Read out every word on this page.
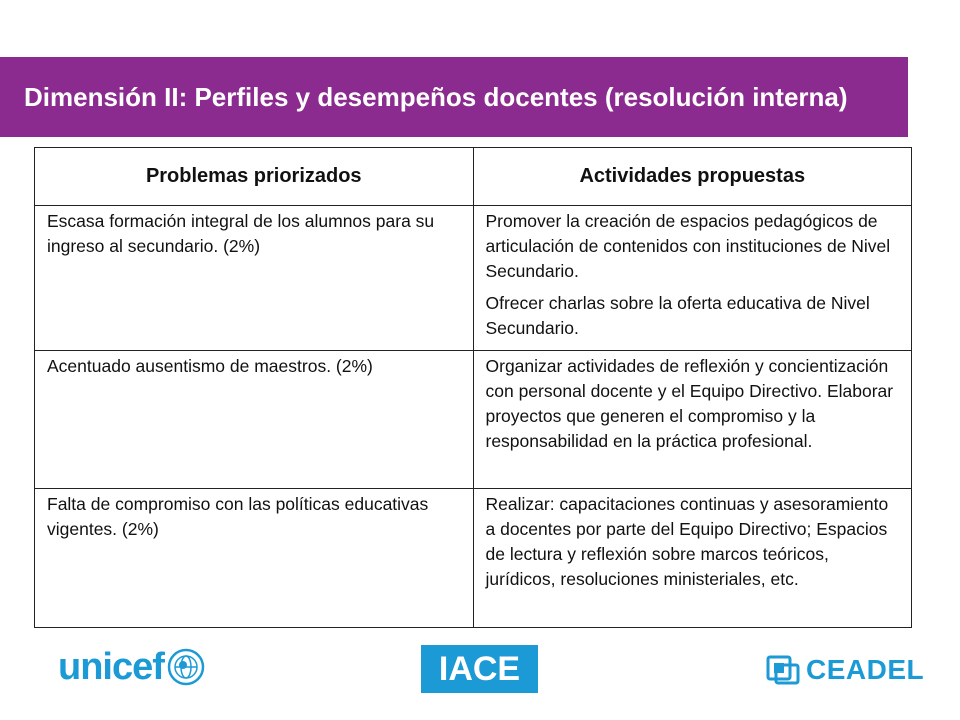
Dimensión II: Perfiles y desempeños docentes (resolución interna)
Problemas priorizados	Actividades propuestas

Escasa formación integral de los alumnos para su ingreso al secundario. (2%)	Promover la creación de espacios pedagógicos de articulación de contenidos con instituciones de Nivel Secundario.

Ofrecer charlas sobre la oferta educativa de Nivel Secundario.

Acentuado ausentismo de maestros. (2%)	Organizar actividades de reflexión y concientización con personal docente y el Equipo Directivo. Elaborar proyectos que generen el compromiso y la responsabilidad en la práctica profesional.

Falta de compromiso con las políticas educativas vigentes. (2%)	Realizar: capacitaciones continuas y asesoramiento a docentes por parte del Equipo Directivo; Espacios de lectura y reflexión sobre marcos teóricos, jurídicos, resoluciones ministeriales, etc.

unicef	IACE	CEADEL
